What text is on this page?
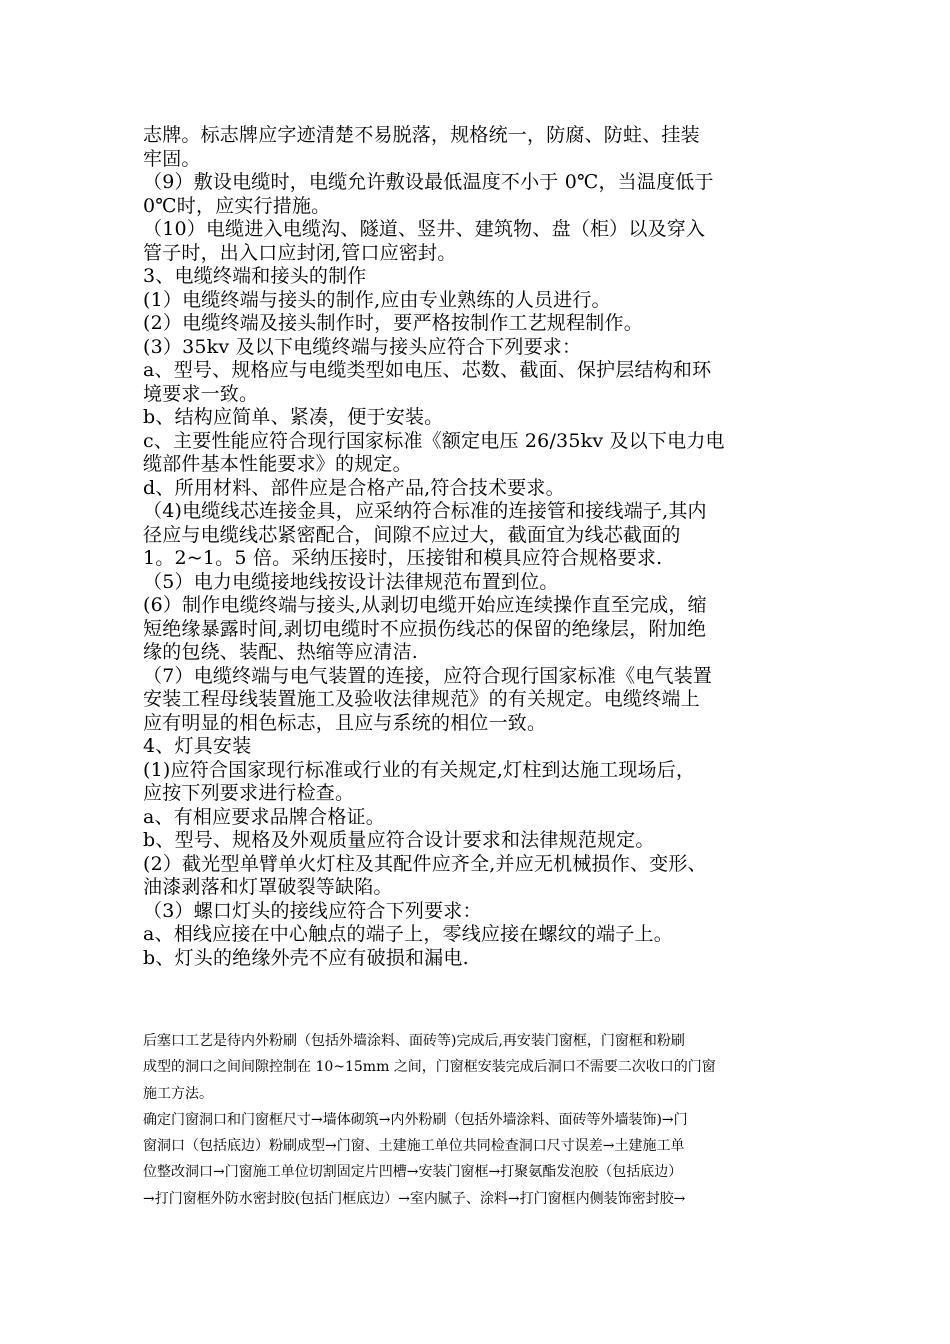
志牌。标志牌应字迹清楚不易脱落，规格统一，防腐、防蛀、挂装

牢固。

（9）敷设电缆时，电缆允许敷设最低温度不小于 0℃，当温度低于

0℃时，应实行措施。

（10）电缆进入电缆沟、隧道、竖井、建筑物、盘（柜）以及穿入

管子时，出入口应封闭,管口应密封。

3、电缆终端和接头的制作

(1）电缆终端与接头的制作,应由专业熟练的人员进行。

(2）电缆终端及接头制作时，要严格按制作工艺规程制作。

(3）35kv 及以下电缆终端与接头应符合下列要求：

a、型号、规格应与电缆类型如电压、芯数、截面、保护层结构和环

境要求一致。

b、结构应简单、紧凑，便于安装。

c、主要性能应符合现行国家标准《额定电压 26/35kv 及以下电力电

缆部件基本性能要求》的规定。

d、所用材料、部件应是合格产品,符合技术要求。

（4)电缆线芯连接金具，应采纳符合标准的连接管和接线端子,其内

径应与电缆线芯紧密配合，间隙不应过大，截面宜为线芯截面的

1。2~1。5 倍。采纳压接时，压接钳和模具应符合规格要求.

（5）电力电缆接地线按设计法律规范布置到位。

(6）制作电缆终端与接头,从剥切电缆开始应连续操作直至完成，缩

短绝缘暴露时间,剥切电缆时不应损伤线芯的保留的绝缘层，附加绝

缘的包绕、装配、热缩等应清洁.

（7）电缆终端与电气装置的连接，应符合现行国家标准《电气装置

安装工程母线装置施工及验收法律规范》的有关规定。电缆终端上

应有明显的相色标志，且应与系统的相位一致。

4、灯具安装

(1)应符合国家现行标准或行业的有关规定,灯柱到达施工现场后，

应按下列要求进行检查。

a、有相应要求品牌合格证。

b、型号、规格及外观质量应符合设计要求和法律规范规定。

(2）截光型单臂单火灯柱及其配件应齐全,并应无机械损作、变形、

油漆剥落和灯罩破裂等缺陷。

（3）螺口灯头的接线应符合下列要求：

a、相线应接在中心触点的端子上，零线应接在螺纹的端子上。

b、灯头的绝缘外壳不应有破损和漏电.

后塞口工艺是待内外粉刷（包括外墙涂料、面砖等)完成后,再安装门窗框，门窗框和粉刷

成型的洞口之间间隙控制在 10~15mm 之间，门窗框安装完成后洞口不需要二次收口的门窗

施工方法。

确定门窗洞口和门窗框尺寸→墙体砌筑→内外粉刷（包括外墙涂料、面砖等外墙装饰)→门

窗洞口（包括底边）粉刷成型→门窗、土建施工单位共同检查洞口尺寸误差→土建施工单

位整改洞口→门窗施工单位切割固定片凹槽→安装门窗框→打聚氨酯发泡胶（包括底边）

→打门窗框外防水密封胶(包括门框底边）→室内腻子、涂料→打门窗框内侧装饰密封胶→
